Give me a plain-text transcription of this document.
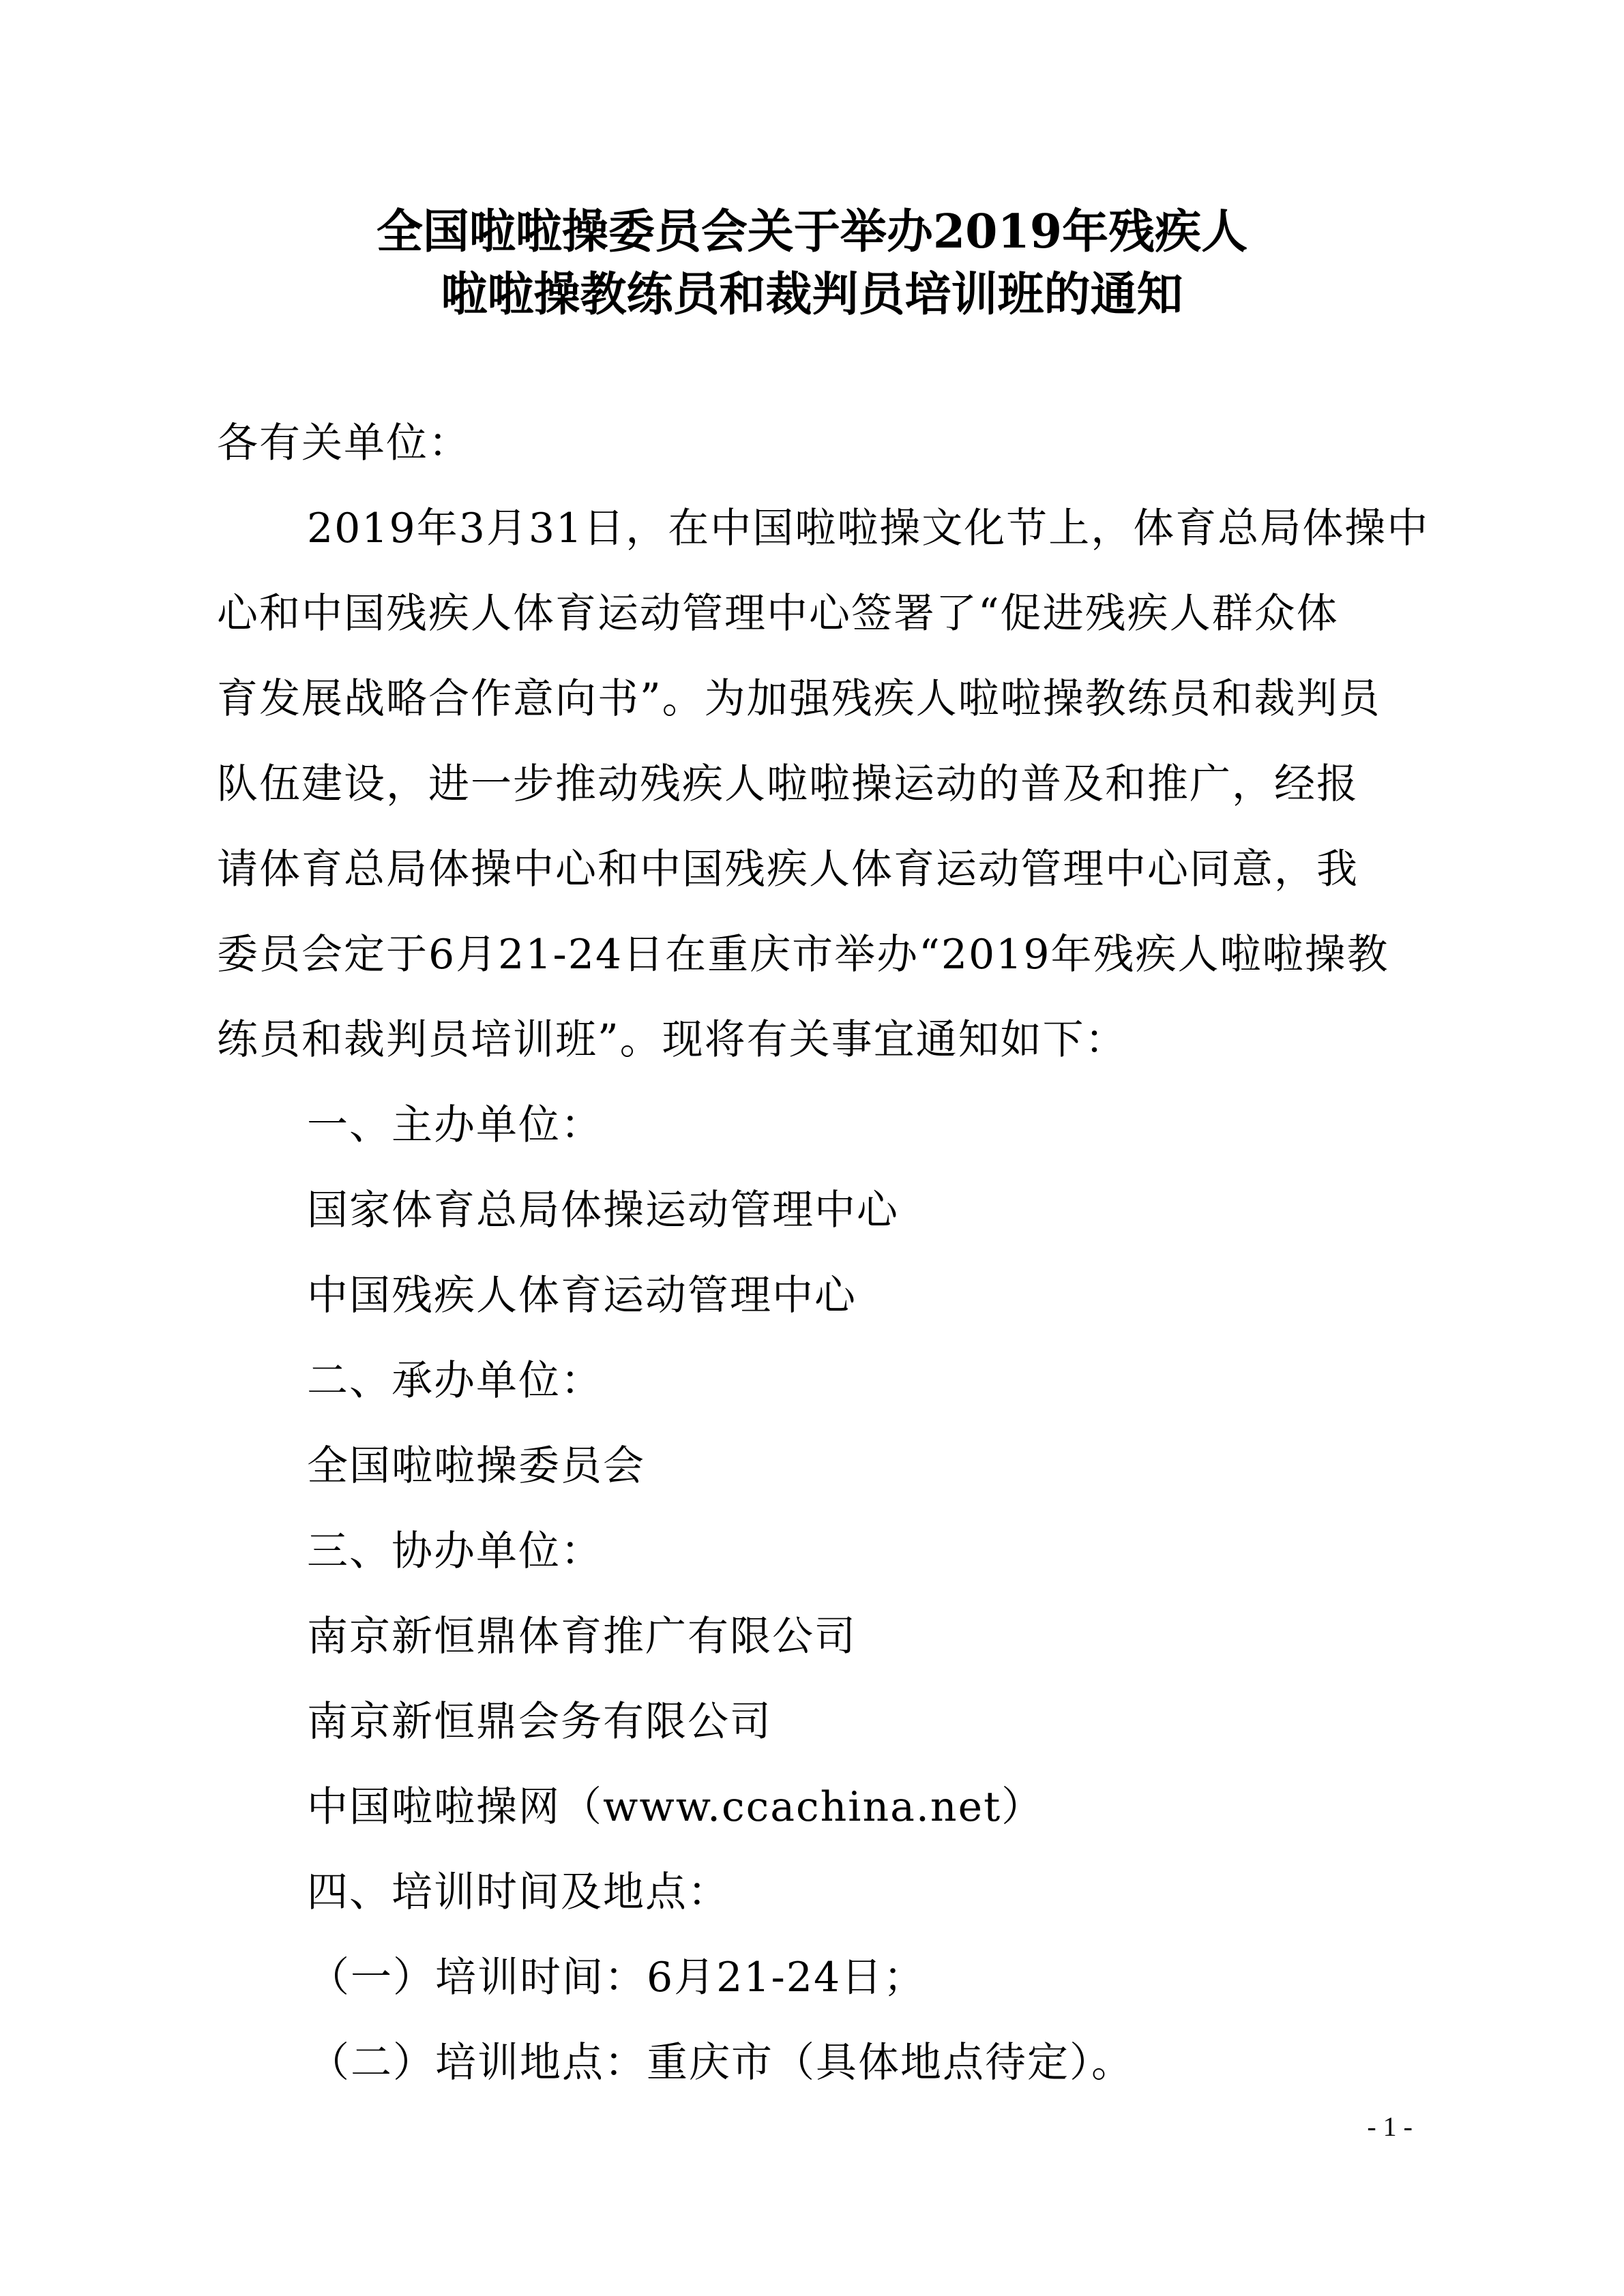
全国啦啦操委员会关于举办2019年残疾人
啦啦操教练员和裁判员培训班的通知
各有关单位：
2019年3月31日，在中国啦啦操文化节上，体育总局体操中
心和中国残疾人体育运动管理中心签署了“促进残疾人群众体
育发展战略合作意向书”。为加强残疾人啦啦操教练员和裁判员
队伍建设，进一步推动残疾人啦啦操运动的普及和推广，经报
请体育总局体操中心和中国残疾人体育运动管理中心同意，我
委员会定于6月21-24日在重庆市举办“2019年残疾人啦啦操教
练员和裁判员培训班”。现将有关事宜通知如下：
一、主办单位：
国家体育总局体操运动管理中心
中国残疾人体育运动管理中心
二、承办单位：
全国啦啦操委员会
三、协办单位：
南京新恒鼎体育推广有限公司
南京新恒鼎会务有限公司
中国啦啦操网（www.ccachina.net）
四、培训时间及地点：
（一）培训时间：6月21-24日；
（二）培训地点：重庆市（具体地点待定）。
- 1 -
